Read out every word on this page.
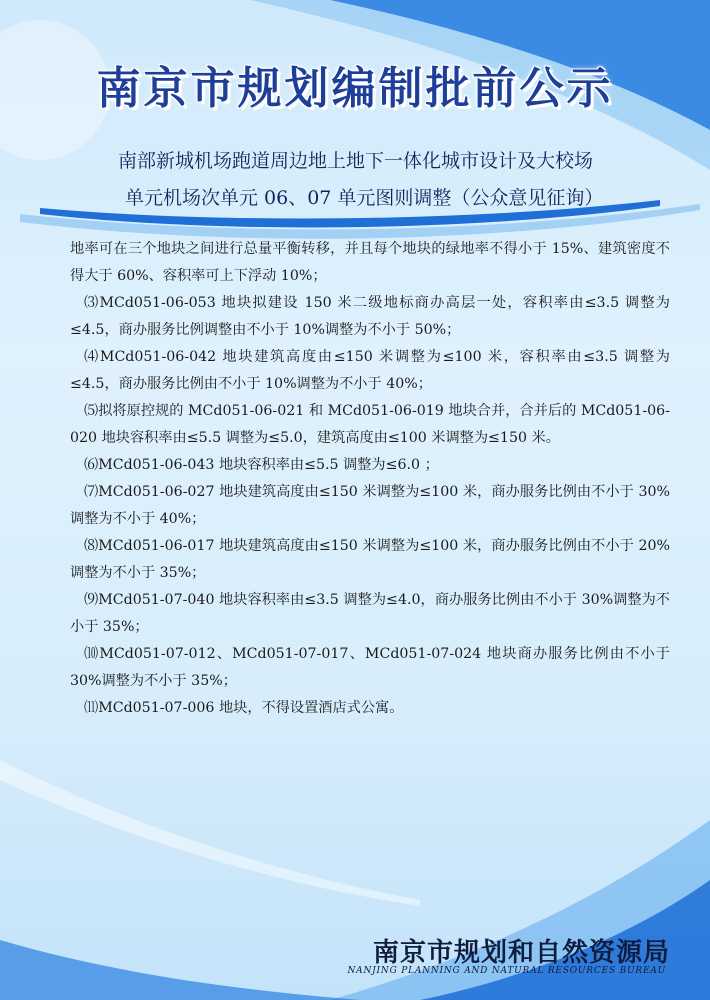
南京市规划编制批前公示
南部新城机场跑道周边地上地下一体化城市设计及大校场
单元机场次单元 06、07 单元图则调整（公众意见征询）

地率可在三个地块之间进行总量平衡转移，并且每个地块的绿地率不得小于 15%、建筑密度不得大于 60%、容积率可上下浮动 10%；

⑶MCd051-06-053 地块拟建设 150 米二级地标商办高层一处，容积率由≤3.5 调整为≤4.5，商办服务比例调整由不小于 10%调整为不小于 50%；

⑷MCd051-06-042 地块建筑高度由≤150 米调整为≤100 米，容积率由≤3.5 调整为≤4.5，商办服务比例由不小于 10%调整为不小于 40%；

⑸拟将原控规的 MCd051-06-021 和 MCd051-06-019 地块合并，合并后的 MCd051-06-020 地块容积率由≤5.5 调整为≤5.0，建筑高度由≤100 米调整为≤150 米。

⑹MCd051-06-043 地块容积率由≤5.5 调整为≤6.0 ；

⑺MCd051-06-027 地块建筑高度由≤150 米调整为≤100 米，商办服务比例由不小于 30%调整为不小于 40%；

⑻MCd051-06-017 地块建筑高度由≤150 米调整为≤100 米，商办服务比例由不小于 20%调整为不小于 35%；

⑼MCd051-07-040 地块容积率由≤3.5 调整为≤4.0，商办服务比例由不小于 30%调整为不小于 35%；

⑽MCd051-07-012、MCd051-07-017、MCd051-07-024 地块商办服务比例由不小于 30%调整为不小于 35%；

⑾MCd051-07-006 地块，不得设置酒店式公寓。

南京市规划和自然资源局
NANJING PLANNING AND NATURAL RESOURCES BUREAU
